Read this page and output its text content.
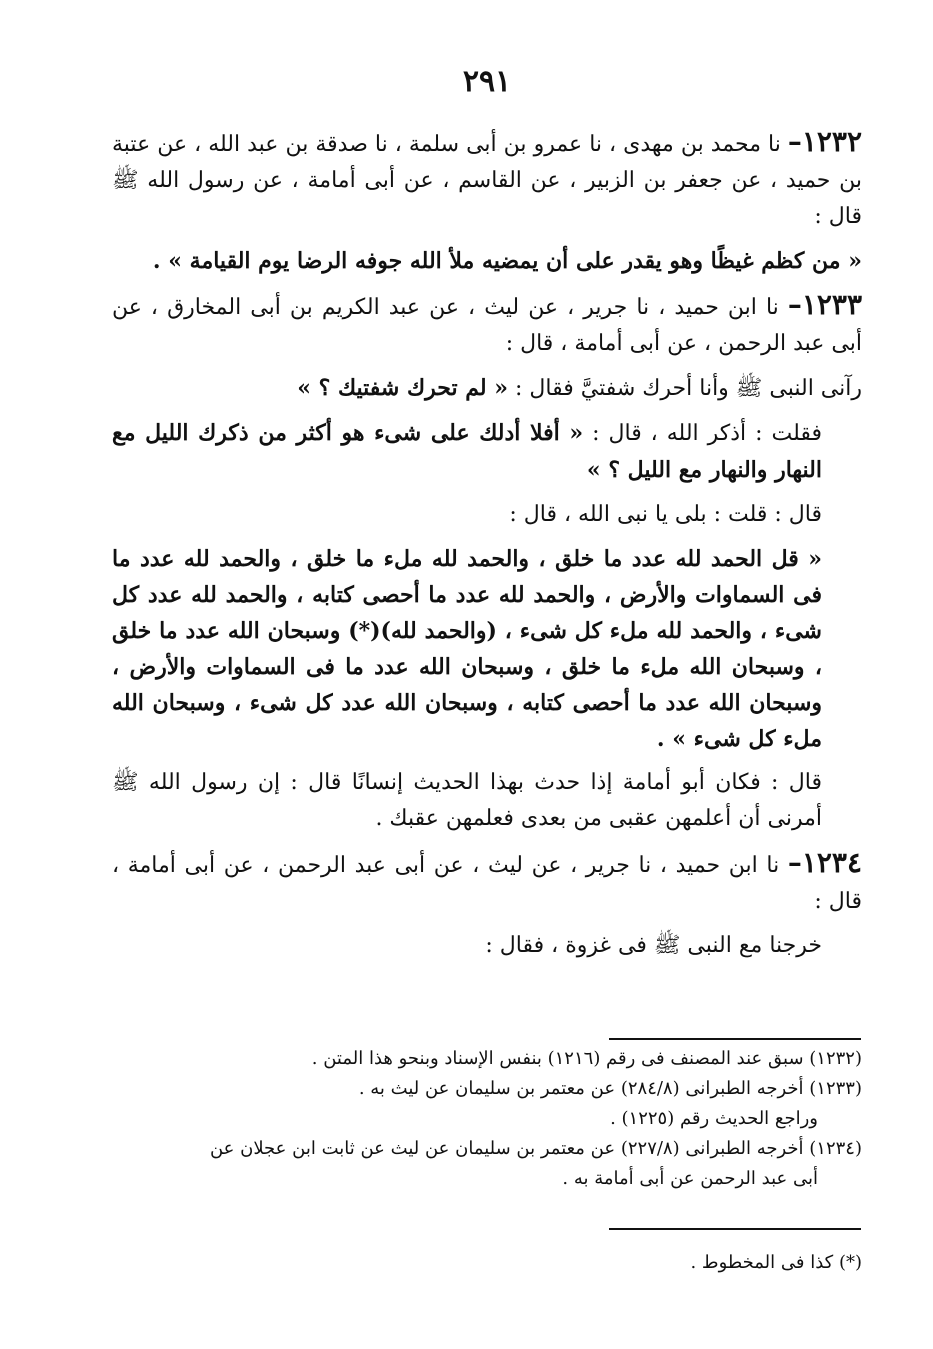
٢٩١

١٢٣٢– نا محمد بن مهدى ، نا عمرو بن أبى سلمة ، نا صدقة بن عبد الله ، عن عتبة بن حميد ، عن جعفر بن الزبير ، عن القاسم ، عن أبى أمامة ، عن رسول الله ﷺ قال :

« من كظم غيظًا وهو يقدر على أن يمضيه ملأ الله جوفه الرضا يوم القيامة » .

١٢٣٣– نا ابن حميد ، نا جرير ، عن ليث ، عن عبد الكريم بن أبى المخارق ، عن أبى عبد الرحمن ، عن أبى أمامة ، قال :

رآنى النبى ﷺ وأنا أحرك شفتيَّ فقال : « لم تحرك شفتيك ؟ »

فقلت : أذكر الله ، قال : « أفلا أدلك على شىء هو أكثر من ذكرك الليل مع النهار والنهار مع الليل ؟ »

قال : قلت : بلى يا نبى الله ، قال :

« قل الحمد لله عدد ما خلق ، والحمد لله ملء ما خلق ، والحمد لله عدد ما فى السماوات والأرض ، والحمد لله عدد ما أحصى كتابه ، والحمد لله عدد كل شىء ، والحمد لله ملء كل شىء ، (والحمد لله)(*) وسبحان الله عدد ما خلق ، وسبحان الله ملء ما خلق ، وسبحان الله عدد ما فى السماوات والأرض ، وسبحان الله عدد ما أحصى كتابه ، وسبحان الله عدد كل شىء ، وسبحان الله ملء كل شىء » .

قال : فكان أبو أمامة إذا حدث بهذا الحديث إنسانًا قال : إن رسول الله ﷺ أمرنى أن أعلمهن عقبى من بعدى فعلمهن عقبك .

١٢٣٤– نا ابن حميد ، نا جرير ، عن ليث ، عن أبى عبد الرحمن ، عن أبى أمامة ، قال :

خرجنا مع النبى ﷺ فى غزوة ، فقال :

(١٢٣٢) سبق عند المصنف فى رقم (١٢١٦) بنفس الإسناد وبنحو هذا المتن .

(١٢٣٣) أخرجه الطبرانى (٢٨٤/٨) عن معتمر بن سليمان عن ليث به .

وراجع الحديث رقم (١٢٢٥) .

(١٢٣٤) أخرجه الطبرانى (٢٢٧/٨) عن معتمر بن سليمان عن ليث عن ثابت ابن عجلان عن

أبى عبد الرحمن عن أبى أمامة به .

(*) كذا فى المخطوط .
